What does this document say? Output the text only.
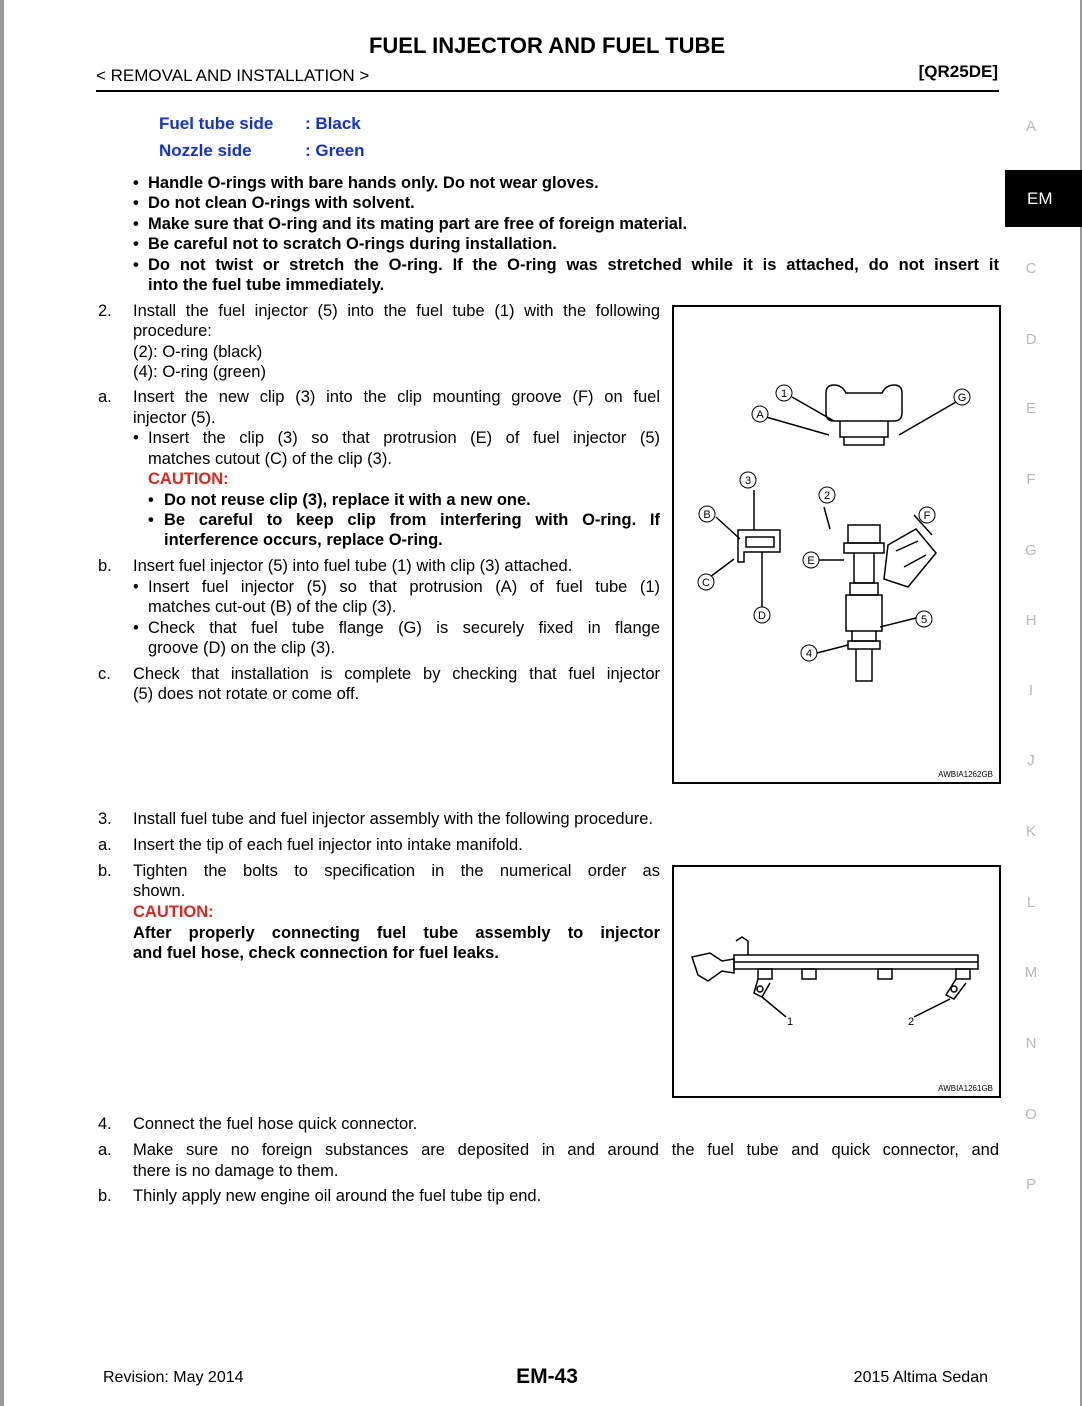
FUEL INJECTOR AND FUEL TUBE
< REMOVAL AND INSTALLATION >	[QR25DE]
Fuel tube side : Black
Nozzle side	: Green
• Handle O-rings with bare hands only. Do not wear gloves.
• Do not clean O-rings with solvent.
• Make sure that O-ring and its mating part are free of foreign material.
• Be careful not to scratch O-rings during installation.
• Do not twist or stretch the O-ring. If the O-ring was stretched while it is attached, do not insert it
into the fuel tube immediately.
2. Install the fuel injector (5) into the fuel tube (1) with the following
procedure:
(2): O-ring (black)
(4): O-ring (green)
a. Insert the new clip (3) into the clip mounting groove (F) on fuel
injector (5).
• Insert the clip (3) so that protrusion (E) of fuel injector (5)
matches cutout (C) of the clip (3).
CAUTION:
• Do not reuse clip (3), replace it with a new one.
• Be careful to keep clip from interfering with O-ring. If
interference occurs, replace O-ring.
b. Insert fuel injector (5) into fuel tube (1) with clip (3) attached.
• Insert fuel injector (5) so that protrusion (A) of fuel tube (1)
matches cut-out (B) of the clip (3).
• Check that fuel tube flange (G) is securely fixed in flange
groove (D) on the clip (3).
c. Check that installation is complete by checking that fuel injector
(5) does not rotate or come off.
1
A
G
3
2
B	F
E
C
D	5
4
AWBIA1262GB
3. Install fuel tube and fuel injector assembly with the following procedure.
a. Insert the tip of each fuel injector into intake manifold.
b. Tighten the bolts to specification in the numerical order as
shown.
CAUTION:
After properly connecting fuel tube assembly to injector
and fuel hose, check connection for fuel leaks.
1	2
AWBIA1261GB
4. Connect the fuel hose quick connector.
a. Make sure no foreign substances are deposited in and around the fuel tube and quick connector, and
there is no damage to them.
b. Thinly apply new engine oil around the fuel tube tip end.
A
EM
C
D
E
F
G
H
I
J
K
L
M
N
O
P
Revision: May 2014	EM-43	2015 Altima Sedan
